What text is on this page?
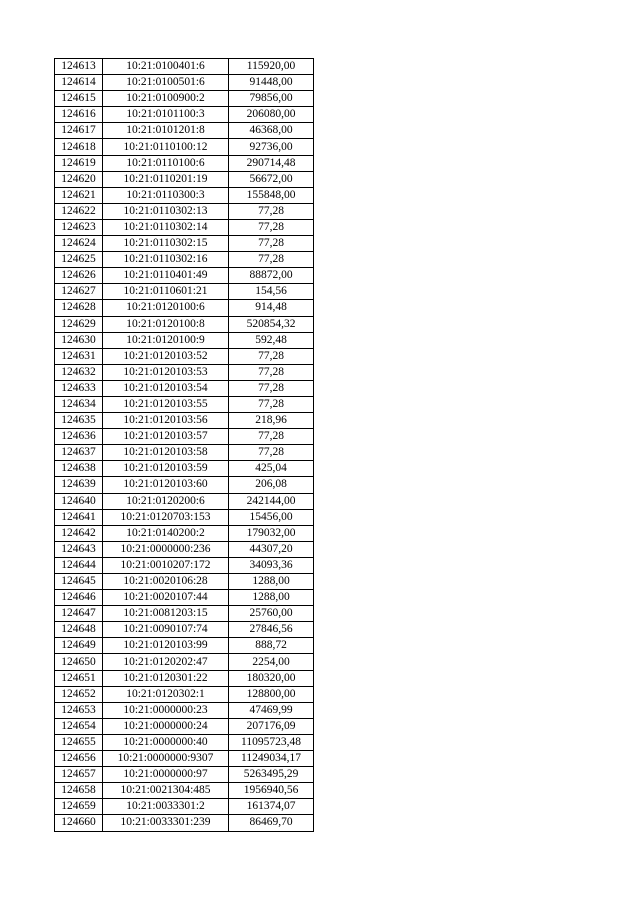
124613	10:21:0100401:6	115920,00
124614	10:21:0100501:6	91448,00
124615	10:21:0100900:2	79856,00
124616	10:21:0101100:3	206080,00
124617	10:21:0101201:8	46368,00
124618	10:21:0110100:12	92736,00
124619	10:21:0110100:6	290714,48
124620	10:21:0110201:19	56672,00
124621	10:21:0110300:3	155848,00
124622	10:21:0110302:13	77,28
124623	10:21:0110302:14	77,28
124624	10:21:0110302:15	77,28
124625	10:21:0110302:16	77,28
124626	10:21:0110401:49	88872,00
124627	10:21:0110601:21	154,56
124628	10:21:0120100:6	914,48
124629	10:21:0120100:8	520854,32
124630	10:21:0120100:9	592,48
124631	10:21:0120103:52	77,28
124632	10:21:0120103:53	77,28
124633	10:21:0120103:54	77,28
124634	10:21:0120103:55	77,28
124635	10:21:0120103:56	218,96
124636	10:21:0120103:57	77,28
124637	10:21:0120103:58	77,28
124638	10:21:0120103:59	425,04
124639	10:21:0120103:60	206,08
124640	10:21:0120200:6	242144,00
124641	10:21:0120703:153	15456,00
124642	10:21:0140200:2	179032,00
124643	10:21:0000000:236	44307,20
124644	10:21:0010207:172	34093,36
124645	10:21:0020106:28	1288,00
124646	10:21:0020107:44	1288,00
124647	10:21:0081203:15	25760,00
124648	10:21:0090107:74	27846,56
124649	10:21:0120103:99	888,72
124650	10:21:0120202:47	2254,00
124651	10:21:0120301:22	180320,00
124652	10:21:0120302:1	128800,00
124653	10:21:0000000:23	47469,99
124654	10:21:0000000:24	207176,09
124655	10:21:0000000:40	11095723,48
124656	10:21:0000000:9307	11249034,17
124657	10:21:0000000:97	5263495,29
124658	10:21:0021304:485	1956940,56
124659	10:21:0033301:2	161374,07
124660	10:21:0033301:239	86469,70
